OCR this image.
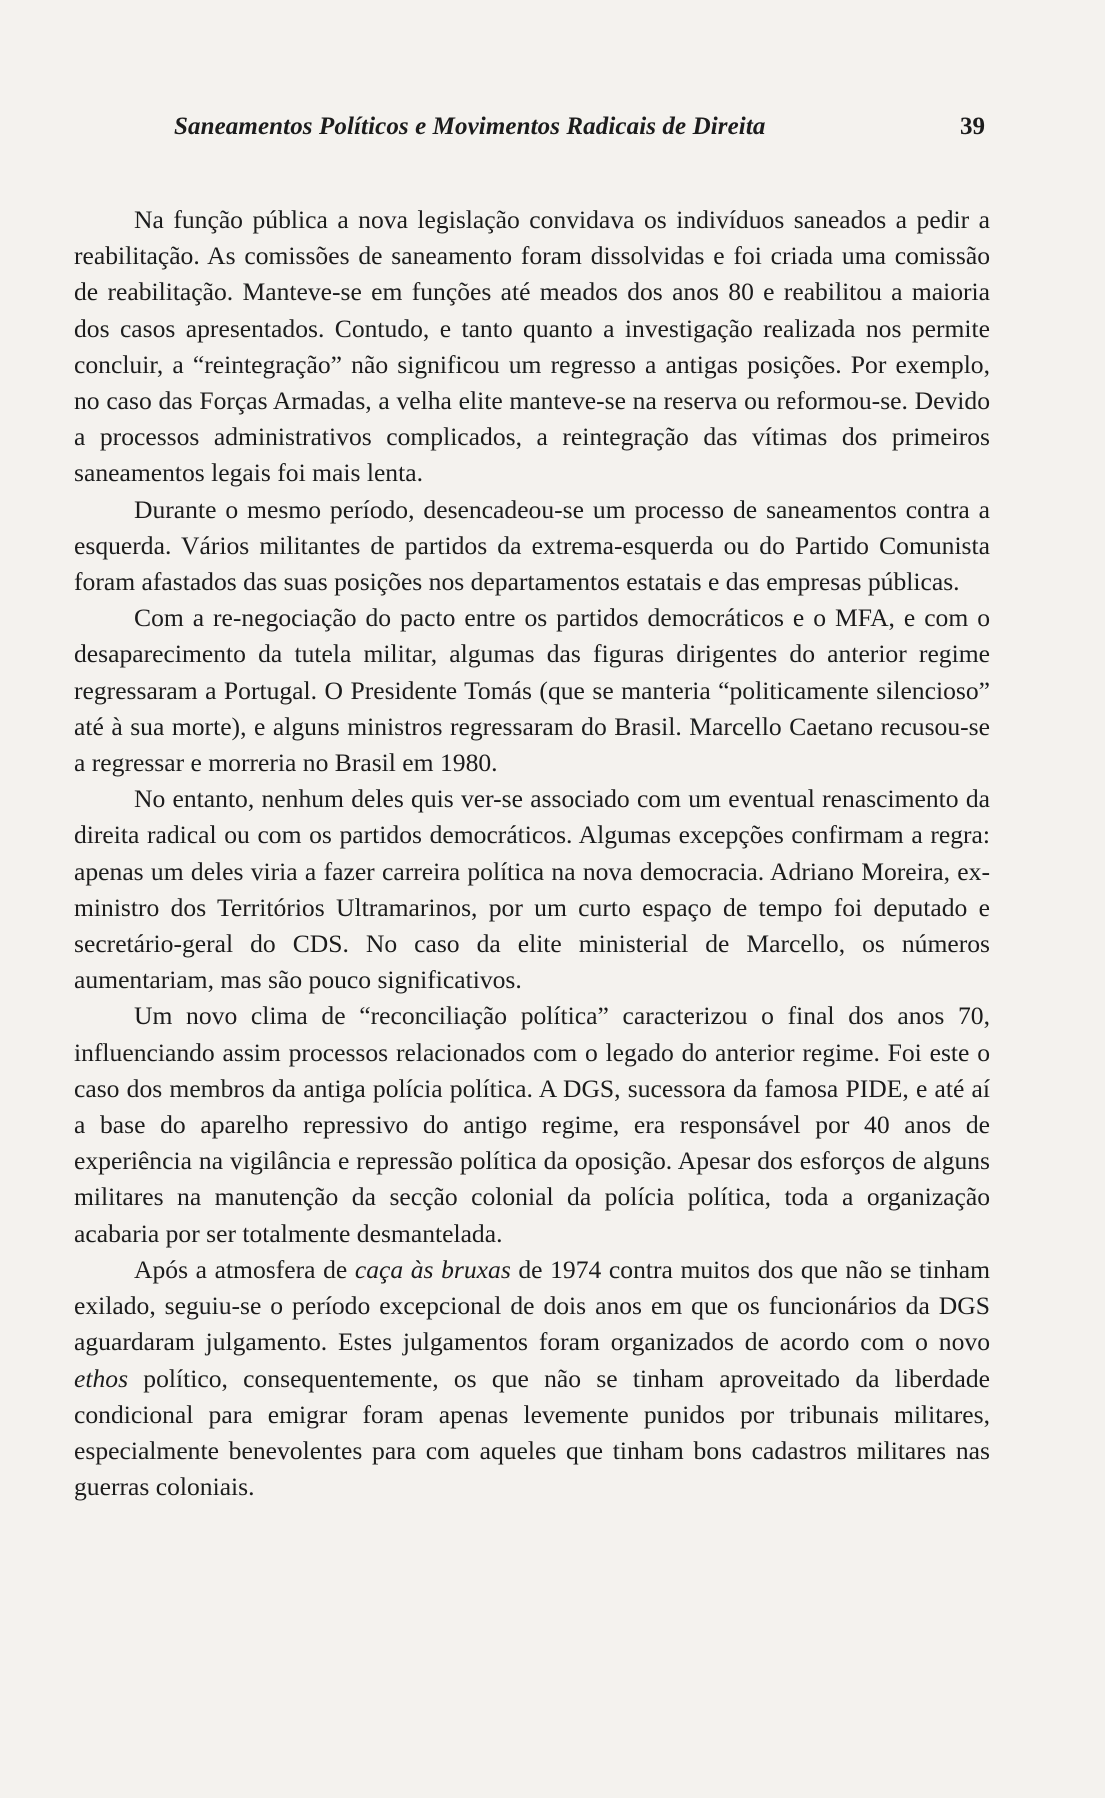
Saneamentos Políticos e Movimentos Radicais de Direita	39

Na função pública a nova legislação convidava os indivíduos saneados a pedir a reabilitação. As comissões de saneamento foram dissolvidas e foi criada uma comissão de reabilitação. Manteve-se em funções até meados dos anos 80 e reabilitou a maioria dos casos apresentados. Contudo, e tanto quanto a investigação realizada nos permite concluir, a “reintegração” não significou um regresso a antigas posições. Por exemplo, no caso das Forças Armadas, a velha elite manteve-se na reserva ou reformou-se. Devido a processos administrativos complicados, a reintegração das vítimas dos primeiros saneamentos legais foi mais lenta.

Durante o mesmo período, desencadeou-se um processo de saneamentos contra a esquerda. Vários militantes de partidos da extrema-esquerda ou do Partido Comunista foram afastados das suas posições nos departamentos estatais e das empresas públicas.

Com a re-negociação do pacto entre os partidos democráticos e o MFA, e com o desaparecimento da tutela militar, algumas das figuras dirigentes do anterior regime regressaram a Portugal. O Presidente Tomás (que se manteria “politicamente silencioso” até à sua morte), e alguns ministros regressaram do Brasil. Marcello Caetano recusou-se a regressar e morreria no Brasil em 1980.

No entanto, nenhum deles quis ver-se associado com um eventual renascimento da direita radical ou com os partidos democráticos. Algumas excepções confirmam a regra: apenas um deles viria a fazer carreira política na nova democracia. Adriano Moreira, ex-ministro dos Territórios Ultramarinos, por um curto espaço de tempo foi deputado e secretário-geral do CDS. No caso da elite ministerial de Marcello, os números aumentariam, mas são pouco significativos.

Um novo clima de “reconciliação política” caracterizou o final dos anos 70, influenciando assim processos relacionados com o legado do anterior regime. Foi este o caso dos membros da antiga polícia política. A DGS, sucessora da famosa PIDE, e até aí a base do aparelho repressivo do antigo regime, era responsável por 40 anos de experiência na vigilância e repressão política da oposição. Apesar dos esforços de alguns militares na manutenção da secção colonial da polícia política, toda a organização acabaria por ser totalmente desmantelada.

Após a atmosfera de caça às bruxas de 1974 contra muitos dos que não se tinham exilado, seguiu-se o período excepcional de dois anos em que os funcionários da DGS aguardaram julgamento. Estes julgamentos foram organizados de acordo com o novo ethos político, consequentemente, os que não se tinham aproveitado da liberdade condicional para emigrar foram apenas levemente punidos por tribunais militares, especialmente benevolentes para com aqueles que tinham bons cadastros militares nas guerras coloniais.
